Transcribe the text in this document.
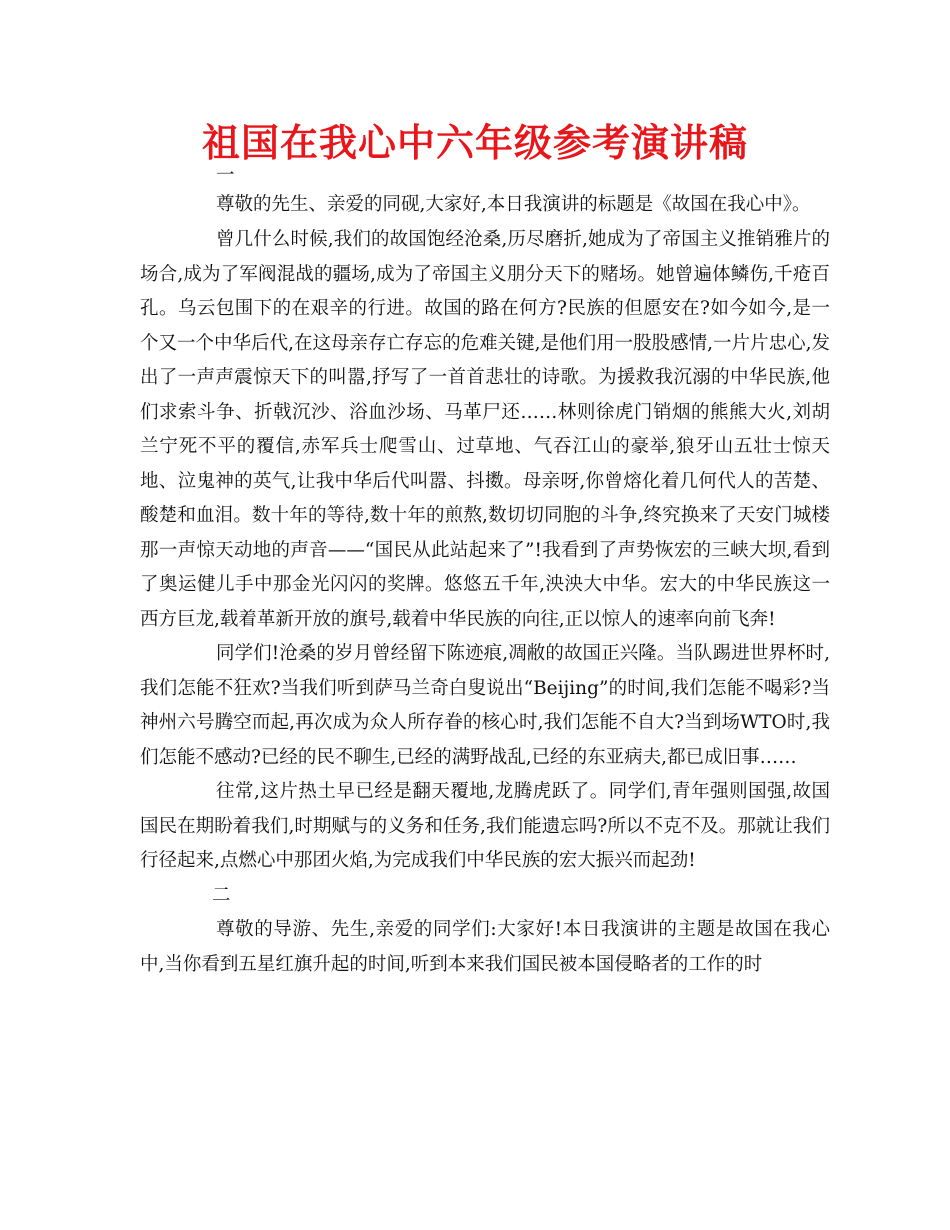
祖国在我心中六年级参考演讲稿

一

尊敬的先生、亲爱的同砚,大家好,本日我演讲的标题是《故国在我心中》。

曾几什么时候,我们的故国饱经沧桑,历尽磨折,她成为了帝国主义推销雅片的场合,成为了军阀混战的疆场,成为了帝国主义朋分天下的赌场。她曾遍体鳞伤,千疮百孔。乌云包围下的在艰辛的行进。故国的路在何方?民族的但愿安在?如今如今,是一个又一个中华后代,在这母亲存亡存忘的危难关键,是他们用一股股感情,一片片忠心,发出了一声声震惊天下的叫嚣,抒写了一首首悲壮的诗歌。为援救我沉溺的中华民族,他们求索斗争、折戟沉沙、浴血沙场、马革尸还……林则徐虎门销烟的熊熊大火,刘胡兰宁死不平的覆信,赤军兵士爬雪山、过草地、气吞江山的豪举,狼牙山五壮士惊天地、泣鬼神的英气,让我中华后代叫嚣、抖擞。母亲呀,你曾熔化着几何代人的苦楚、酸楚和血泪。数十年的等待,数十年的煎熬,数切切同胞的斗争,终究换来了天安门城楼那一声惊天动地的声音——“国民从此站起来了”!我看到了声势恢宏的三峡大坝,看到了奥运健儿手中那金光闪闪的奖牌。悠悠五千年,泱泱大中华。宏大的中华民族这一西方巨龙,载着革新开放的旗号,载着中华民族的向往,正以惊人的速率向前飞奔!

同学们!沧桑的岁月曾经留下陈迹痕,凋敝的故国正兴隆。当队踢进世界杯时,我们怎能不狂欢?当我们听到萨马兰奇白叟说出“Beijing”的时间,我们怎能不喝彩?当神州六号腾空而起,再次成为众人所存眷的核心时,我们怎能不自大?当到场WTO时,我们怎能不感动?已经的民不聊生,已经的满野战乱,已经的东亚病夫,都已成旧事……

往常,这片热土早已经是翻天覆地,龙腾虎跃了。同学们,青年强则国强,故国国民在期盼着我们,时期赋与的义务和任务,我们能遗忘吗?所以不克不及。那就让我们行径起来,点燃心中那团火焰,为完成我们中华民族的宏大振兴而起劲!

二

尊敬的导游、先生,亲爱的同学们:大家好!本日我演讲的主题是故国在我心中,当你看到五星红旗升起的时间,听到本来我们国民被本国侵略者的工作的时
